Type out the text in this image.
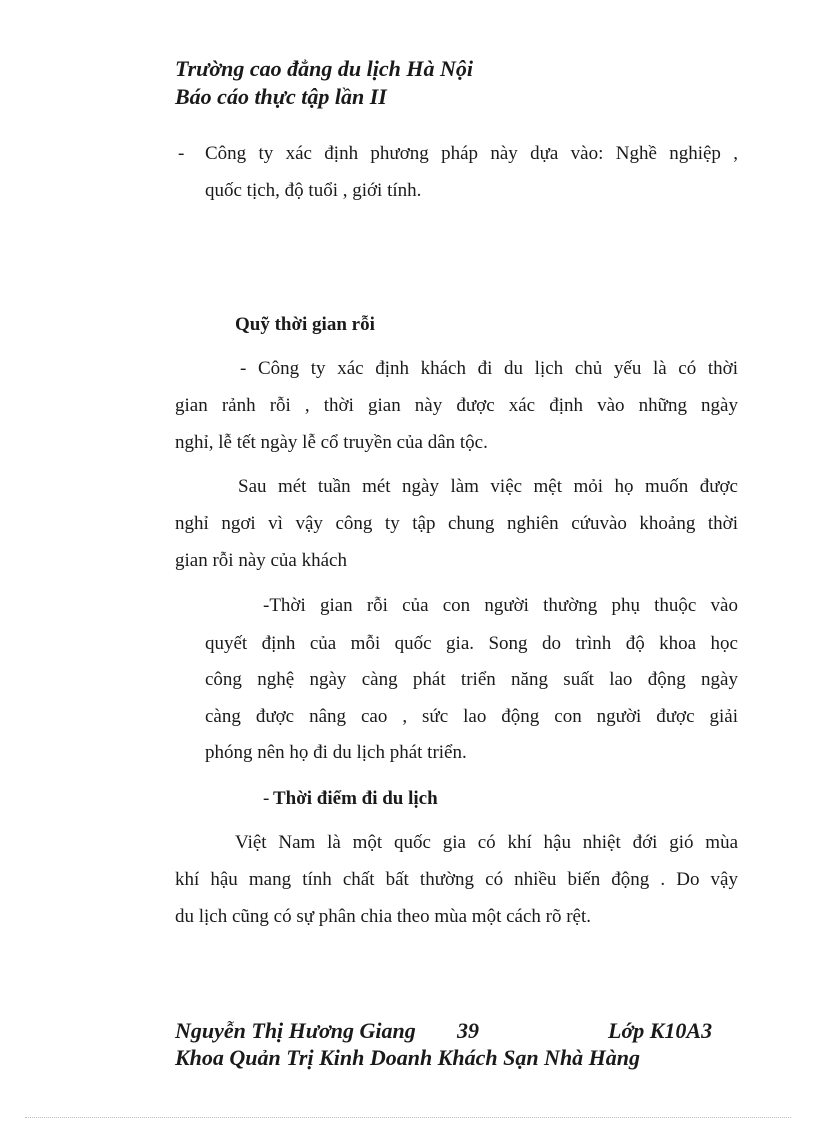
Trường cao đẳng du lịch Hà Nội
Báo cáo thực tập lần II
- Công ty xác định phương pháp này dựa vào: Nghề nghiệp ,
quốc tịch, độ tuổi , giới tính.
Quỹ thời gian rỗi
- Công ty xác định khách đi du lịch chủ yếu là có thời
gian rảnh rỗi , thời gian này được xác định vào những ngày
nghỉ, lễ tết ngày lễ cổ truyền của dân tộc.
Sau mét tuần mét ngày làm việc mệt mỏi họ muốn được
nghỉ ngơi vì vậy công ty tập chung nghiên cứuvào khoảng thời
gian rỗi này của khách
-Thời gian rỗi của con người thường phụ thuộc vào
quyết định của mỗi quốc gia. Song do trình độ khoa học
công nghệ ngày càng phát triển năng suất lao động ngày
càng được nâng cao , sức lao động con người được giải
phóng nên họ đi du lịch phát triển.
- Thời điểm đi du lịch
Việt Nam là một quốc gia có khí hậu nhiệt đới gió mùa
khí hậu mang tính chất bất thường có nhiều biến động . Do vậy
du lịch cũng có sự phân chia theo mùa một cách rõ rệt.
Nguyễn Thị Hương Giang 39	Lớp K10A3
Khoa Quản Trị Kinh Doanh Khách Sạn Nhà Hàng
